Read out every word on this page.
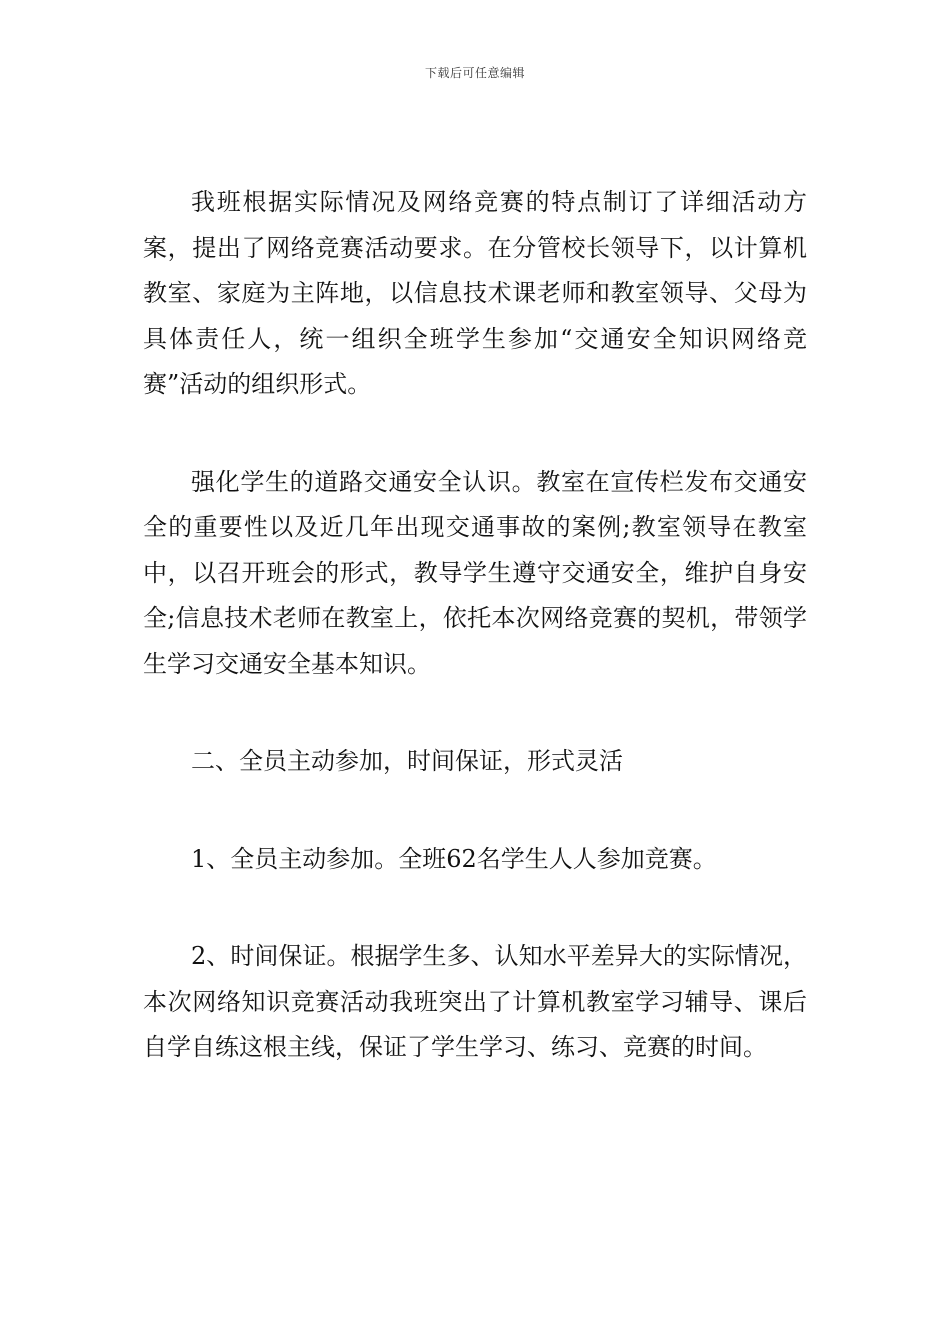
下载后可任意编辑

我班根据实际情况及网络竞赛的特点制订了详细活动方案，提出了网络竞赛活动要求。在分管校长领导下，以计算机教室、家庭为主阵地，以信息技术课老师和教室领导、父母为具体责任人，统一组织全班学生参加“交通安全知识网络竞赛”活动的组织形式。

强化学生的道路交通安全认识。教室在宣传栏发布交通安全的重要性以及近几年出现交通事故的案例;教室领导在教室中，以召开班会的形式，教导学生遵守交通安全，维护自身安全;信息技术老师在教室上，依托本次网络竞赛的契机，带领学生学习交通安全基本知识。

二、全员主动参加，时间保证，形式灵活

1、全员主动参加。全班62名学生人人参加竞赛。

2、时间保证。根据学生多、认知水平差异大的实际情况，本次网络知识竞赛活动我班突出了计算机教室学习辅导、课后自学自练这根主线，保证了学生学习、练习、竞赛的时间。
